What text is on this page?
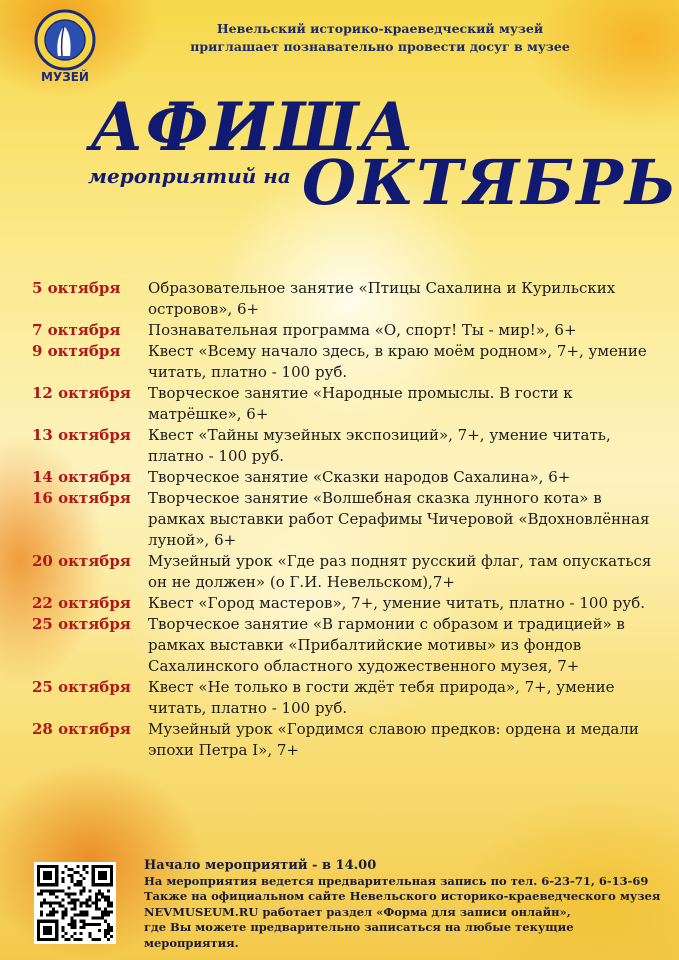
МУЗЕЙ
Невельский историко-краеведческий музей
приглашает познавательно провести досуг в музее
АФИША
мероприятий на ОКТЯБРЬ
5 октября	Образовательное занятие «Птицы Сахалина и Курильских островов», 6+
7 октября	Познавательная программа «О, спорт! Ты - мир!», 6+
9 октября	Квест «Всему начало здесь, в краю моём родном», 7+, умение читать, платно - 100 руб.
12 октября	Творческое занятие «Народные промыслы. В гости к матрёшке», 6+
13 октября	Квест «Тайны музейных экспозиций», 7+, умение читать, платно - 100 руб.
14 октября	Творческое занятие «Сказки народов Сахалина», 6+
16 октября	Творческое занятие «Волшебная сказка лунного кота» в рамках выставки работ Серафимы Чичеровой «Вдохновлённая луной», 6+
20 октября	Музейный урок «Где раз поднят русский флаг, там опускаться он не должен» (о Г.И. Невельском),7+
22 октября	Квест «Город мастеров», 7+, умение читать, платно - 100 руб.
25 октября	Творческое занятие «В гармонии с образом и традицией» в рамках выставки «Прибалтийские мотивы» из фондов Сахалинского областного художественного музея, 7+
25 октября	Квест «Не только в гости ждёт тебя природа», 7+, умение читать, платно - 100 руб.
28 октября	Музейный урок «Гордимся славою предков: ордена и медали эпохи Петра I», 7+
Начало мероприятий - в 14.00
На мероприятия ведется предварительная запись по тел. 6-23-71, 6-13-69
Также на официальном сайте Невельского историко-краеведческого музея
NEVMUSEUM.RU работает раздел «Форма для записи онлайн»,
где Вы можете предварительно записаться на любые текущие мероприятия.
